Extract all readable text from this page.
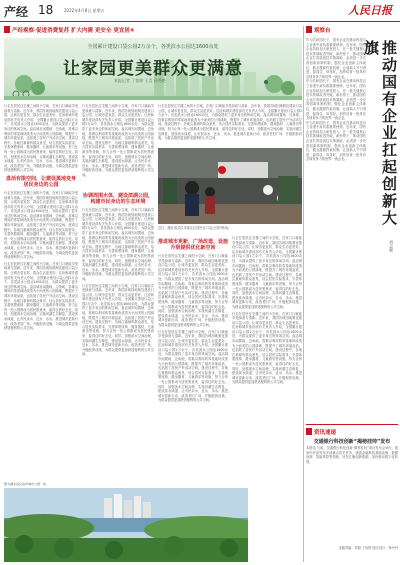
产经 18	2022年4月8日 星期五	人民日报
产经观察·促进消费复苏 扩大内需 更安全 更宜居④
全国累计建设口袋公园2万余个，各类滨水公园达1600余处
让家园更美群众更满意
本报记者 丁怡婷 王浩 孙秀艳

行走在居民住宅楼之间的小空地，在家门口就能享受绿意与清新。近年来，我国各地因地制宜建设口袋公园，让城市更宜居、群众生活更美好。住房和城乡建设部有关负责人介绍，全国累计建设口袋公园2万余个，各类滨水公园达1600余处，为群众提供了更多身边的休闲空间。盘活城市闲置地、边角地，将难以利用的零星地块改造为小而美的公园绿地，既提升了城市环境品质，也拓展了居民户外活动空间。建设过程中，各地注重倾听群众意见，结合居民实际需求，完善休憩座椅、健身器材、儿童游乐等设施，努力让每一处公园都成为居民愿意来、留得住的好去处。同时，加强滨水空间治理，实施河湖生态修复，建设滨水绿道，让市民亲水、近水、乐水。推进城市更新行动，改造老旧广场，升级配套设施，为群众提供更加舒适便利的公共空间。

盘活有限空间，让建设黑地变身居民身边的公园

行走在居民住宅楼之间的小空地，在家门口就能享受绿意与清新。近年来，我国各地因地制宜建设口袋公园，让城市更宜居、群众生活更美好。住房和城乡建设部有关负责人介绍，全国累计建设口袋公园2万余个，各类滨水公园达1600余处，为群众提供了更多身边的休闲空间。盘活城市闲置地、边角地，将难以利用的零星地块改造为小而美的公园绿地，既提升了城市环境品质，也拓展了居民户外活动空间。建设过程中，各地注重倾听群众意见，结合居民实际需求，完善休憩座椅、健身器材、儿童游乐等设施，努力让每一处公园都成为居民愿意来、留得住的好去处。同时，加强滨水空间治理，实施河湖生态修复，建设滨水绿道，让市民亲水、近水、乐水。推进城市更新行动，改造老旧广场，升级配套设施，为群众提供更加舒适便利的公共空间。

行走在居民住宅楼之间的小空地，在家门口就能享受绿意与清新。近年来，我国各地因地制宜建设口袋公园，让城市更宜居、群众生活更美好。住房和城乡建设部有关负责人介绍，全国累计建设口袋公园2万余个，各类滨水公园达1600余处，为群众提供了更多身边的休闲空间。盘活城市闲置地、边角地，将难以利用的零星地块改造为小而美的公园绿地，既提升了城市环境品质，也拓展了居民户外活动空间。建设过程中，各地注重倾听群众意见，结合居民实际需求，完善休憩座椅、健身器材、儿童游乐等设施，努力让每一处公园都成为居民愿意来、留得住的好去处。同时，加强滨水空间治理，实施河湖生态修复，建设滨水绿道，让市民亲水、近水、乐水。推进城市更新行动，改造老旧广场，升级配套设施，为群众提供更加舒适便利的公共空间。

行走在居民住宅楼之间的小空地，在家门口就能享受绿意与清新。近年来，我国各地因地制宜建设口袋公园，让城市更宜居、群众生活更美好。住房和城乡建设部有关负责人介绍，全国累计建设口袋公园2万余个，各类滨水公园达1600余处，为群众提供了更多身边的休闲空间。盘活城市闲置地、边角地，将难以利用的零星地块改造为小而美的公园绿地，既提升了城市环境品质，也拓展了居民户外活动空间。建设过程中，各地注重倾听群众意见，结合居民实际需求，完善休憩座椅、健身器材、儿童游乐等设施，努力让每一处公园都成为居民愿意来、留得住的好去处。同时，加强滨水空间治理，实施河湖生态修复，建设滨水绿道，让市民亲水、近水、乐水。推进城市更新行动，改造老旧广场，升级配套设施，为群众提供更加舒适便利的公共空间。

行走在居民住宅楼之间的小空地，在家门口就能享受绿意与清新。近年来，我国各地因地制宜建设口袋公园，让城市更宜居、群众生活更美好。住房和城乡建设部有关负责人介绍，全国累计建设口袋公园2万余个，各类滨水公园达1600余处，为群众提供了更多身边的休闲空间。盘活城市闲置地、边角地，将难以利用的零星地块改造为小而美的公园绿地，既提升了城市环境品质，也拓展了居民户外活动空间。建设过程中，各地注重倾听群众意见，结合居民实际需求，完善休憩座椅、健身器材、儿童游乐等设施，努力让每一处公园都成为居民愿意来、留得住的好去处。同时，加强滨水空间治理，实施河湖生态修复，建设滨水绿道，让市民亲水、近水、乐水。推进城市更新行动，改造老旧广场，升级配套设施，为群众提供更加舒适便利的公共空间。

近日，湖北省武汉市某社区居民在口袋公园内休闲。
协调周围水体，建设滨湖公园，构建市民身边的生态环境

行走在居民住宅楼之间的小空地，在家门口就能享受绿意与清新。近年来，我国各地因地制宜建设口袋公园，让城市更宜居、群众生活更美好。住房和城乡建设部有关负责人介绍，全国累计建设口袋公园2万余个，各类滨水公园达1600余处，为群众提供了更多身边的休闲空间。盘活城市闲置地、边角地，将难以利用的零星地块改造为小而美的公园绿地，既提升了城市环境品质，也拓展了居民户外活动空间。建设过程中，各地注重倾听群众意见，结合居民实际需求，完善休憩座椅、健身器材、儿童游乐等设施，努力让每一处公园都成为居民愿意来、留得住的好去处。同时，加强滨水空间治理，实施河湖生态修复，建设滨水绿道，让市民亲水、近水、乐水。推进城市更新行动，改造老旧广场，升级配套设施，为群众提供更加舒适便利的公共空间。

行走在居民住宅楼之间的小空地，在家门口就能享受绿意与清新。近年来，我国各地因地制宜建设口袋公园，让城市更宜居、群众生活更美好。住房和城乡建设部有关负责人介绍，全国累计建设口袋公园2万余个，各类滨水公园达1600余处，为群众提供了更多身边的休闲空间。盘活城市闲置地、边角地，将难以利用的零星地块改造为小而美的公园绿地，既提升了城市环境品质，也拓展了居民户外活动空间。建设过程中，各地注重倾听群众意见，结合居民实际需求，完善休憩座椅、健身器材、儿童游乐等设施，努力让每一处公园都成为居民愿意来、留得住的好去处。同时，加强滨水空间治理，实施河湖生态修复，建设滨水绿道，让市民亲水、近水、乐水。推进城市更新行动，改造老旧广场，升级配套设施，为群众提供更加舒适便利的公共空间。

推进城市更新，广场改造、设施升级提供优化新空间

行走在居民住宅楼之间的小空地，在家门口就能享受绿意与清新。近年来，我国各地因地制宜建设口袋公园，让城市更宜居、群众生活更美好。住房和城乡建设部有关负责人介绍，全国累计建设口袋公园2万余个，各类滨水公园达1600余处，为群众提供了更多身边的休闲空间。盘活城市闲置地、边角地，将难以利用的零星地块改造为小而美的公园绿地，既提升了城市环境品质，也拓展了居民户外活动空间。建设过程中，各地注重倾听群众意见，结合居民实际需求，完善休憩座椅、健身器材、儿童游乐等设施，努力让每一处公园都成为居民愿意来、留得住的好去处。同时，加强滨水空间治理，实施河湖生态修复，建设滨水绿道，让市民亲水、近水、乐水。推进城市更新行动，改造老旧广场，升级配套设施，为群众提供更加舒适便利的公共空间。

行走在居民住宅楼之间的小空地，在家门口就能享受绿意与清新。近年来，我国各地因地制宜建设口袋公园，让城市更宜居、群众生活更美好。住房和城乡建设部有关负责人介绍，全国累计建设口袋公园2万余个，各类滨水公园达1600余处，为群众提供了更多身边的休闲空间。盘活城市闲置地、边角地，将难以利用的零星地块改造为小而美的公园绿地，既提升了城市环境品质，也拓展了居民户外活动空间。建设过程中，各地注重倾听群众意见，结合居民实际需求，完善休憩座椅、健身器材、儿童游乐等设施，努力让每一处公园都成为居民愿意来、留得住的好去处。同时，加强滨水空间治理，实施河湖生态修复，建设滨水绿道，让市民亲水、近水、乐水。推进城市更新行动，改造老旧广场，升级配套设施，为群众提供更加舒适便利的公共空间。

行走在居民住宅楼之间的小空地，在家门口就能享受绿意与清新。近年来，我国各地因地制宜建设口袋公园，让城市更宜居、群众生活更美好。住房和城乡建设部有关负责人介绍，全国累计建设口袋公园2万余个，各类滨水公园达1600余处，为群众提供了更多身边的休闲空间。盘活城市闲置地、边角地，将难以利用的零星地块改造为小而美的公园绿地，既提升了城市环境品质，也拓展了居民户外活动空间。建设过程中，各地注重倾听群众意见，结合居民实际需求，完善休憩座椅、健身器材、儿童游乐等设施，努力让每一处公园都成为居民愿意来、留得住的好去处。同时，加强滨水空间治理，实施河湖生态修复，建设滨水绿道，让市民亲水、近水、乐水。推进城市更新行动，改造老旧广场，升级配套设施，为群众提供更加舒适便利的公共空间。

行走在居民住宅楼之间的小空地，在家门口就能享受绿意与清新。近年来，我国各地因地制宜建设口袋公园，让城市更宜居、群众生活更美好。住房和城乡建设部有关负责人介绍，全国累计建设口袋公园2万余个，各类滨水公园达1600余处，为群众提供了更多身边的休闲空间。盘活城市闲置地、边角地，将难以利用的零星地块改造为小而美的公园绿地，既提升了城市环境品质，也拓展了居民户外活动空间。建设过程中，各地注重倾听群众意见，结合居民实际需求，完善休憩座椅、健身器材、儿童游乐等设施，努力让每一处公园都成为居民愿意来、留得住的好去处。同时，加强滨水空间治理，实施河湖生态修复，建设滨水绿道，让市民亲水、近水、乐水。推进城市更新行动，改造老旧广场，升级配套设施，为群众提供更加舒适便利的公共空间。

图为湖北省宜昌市城市公园一角。
观察台

作为共和国长子，国有企业在推动科技自立自强中肩负着重要使命。近年来，国有企业持续加大研发投入，在一批关键核心技术领域取得突破。新形势下，推动国有企业打造原创技术策源地，必须进一步完善创新体制机制，强化企业创新主体地位，健全激励约束机制，让创新人才引得进、留得住、用得好，加快培育一批具有全球竞争力的世界一流企业。

作为共和国长子，国有企业在推动科技自立自强中肩负着重要使命。近年来，国有企业持续加大研发投入，在一批关键核心技术领域取得突破。新形势下，推动国有企业打造原创技术策源地，必须进一步完善创新体制机制，强化企业创新主体地位，健全激励约束机制，让创新人才引得进、留得住、用得好，加快培育一批具有全球竞争力的世界一流企业。

作为共和国长子，国有企业在推动科技自立自强中肩负着重要使命。近年来，国有企业持续加大研发投入，在一批关键核心技术领域取得突破。新形势下，推动国有企业打造原创技术策源地，必须进一步完善创新体制机制，强化企业创新主体地位，健全激励约束机制，让创新人才引得进、留得住、用得好，加快培育一批具有全球竞争力的世界一流企业。	推动国有企业扛起创新大旗
刘志强
资讯速递
交通银行科技创新“揭榜挂帅”发布
本报电 日前，交通银行科技创新“揭榜挂帅”项目发布会举行，面向内外部发布多项重点攻关任务，涵盖金融科技基础设施、数据治理、智能风控等领域，旨在汇聚创新资源，加快推动数字化转型。
本版责编：刘阳 丁怡婷 版式设计：杨丹丹
